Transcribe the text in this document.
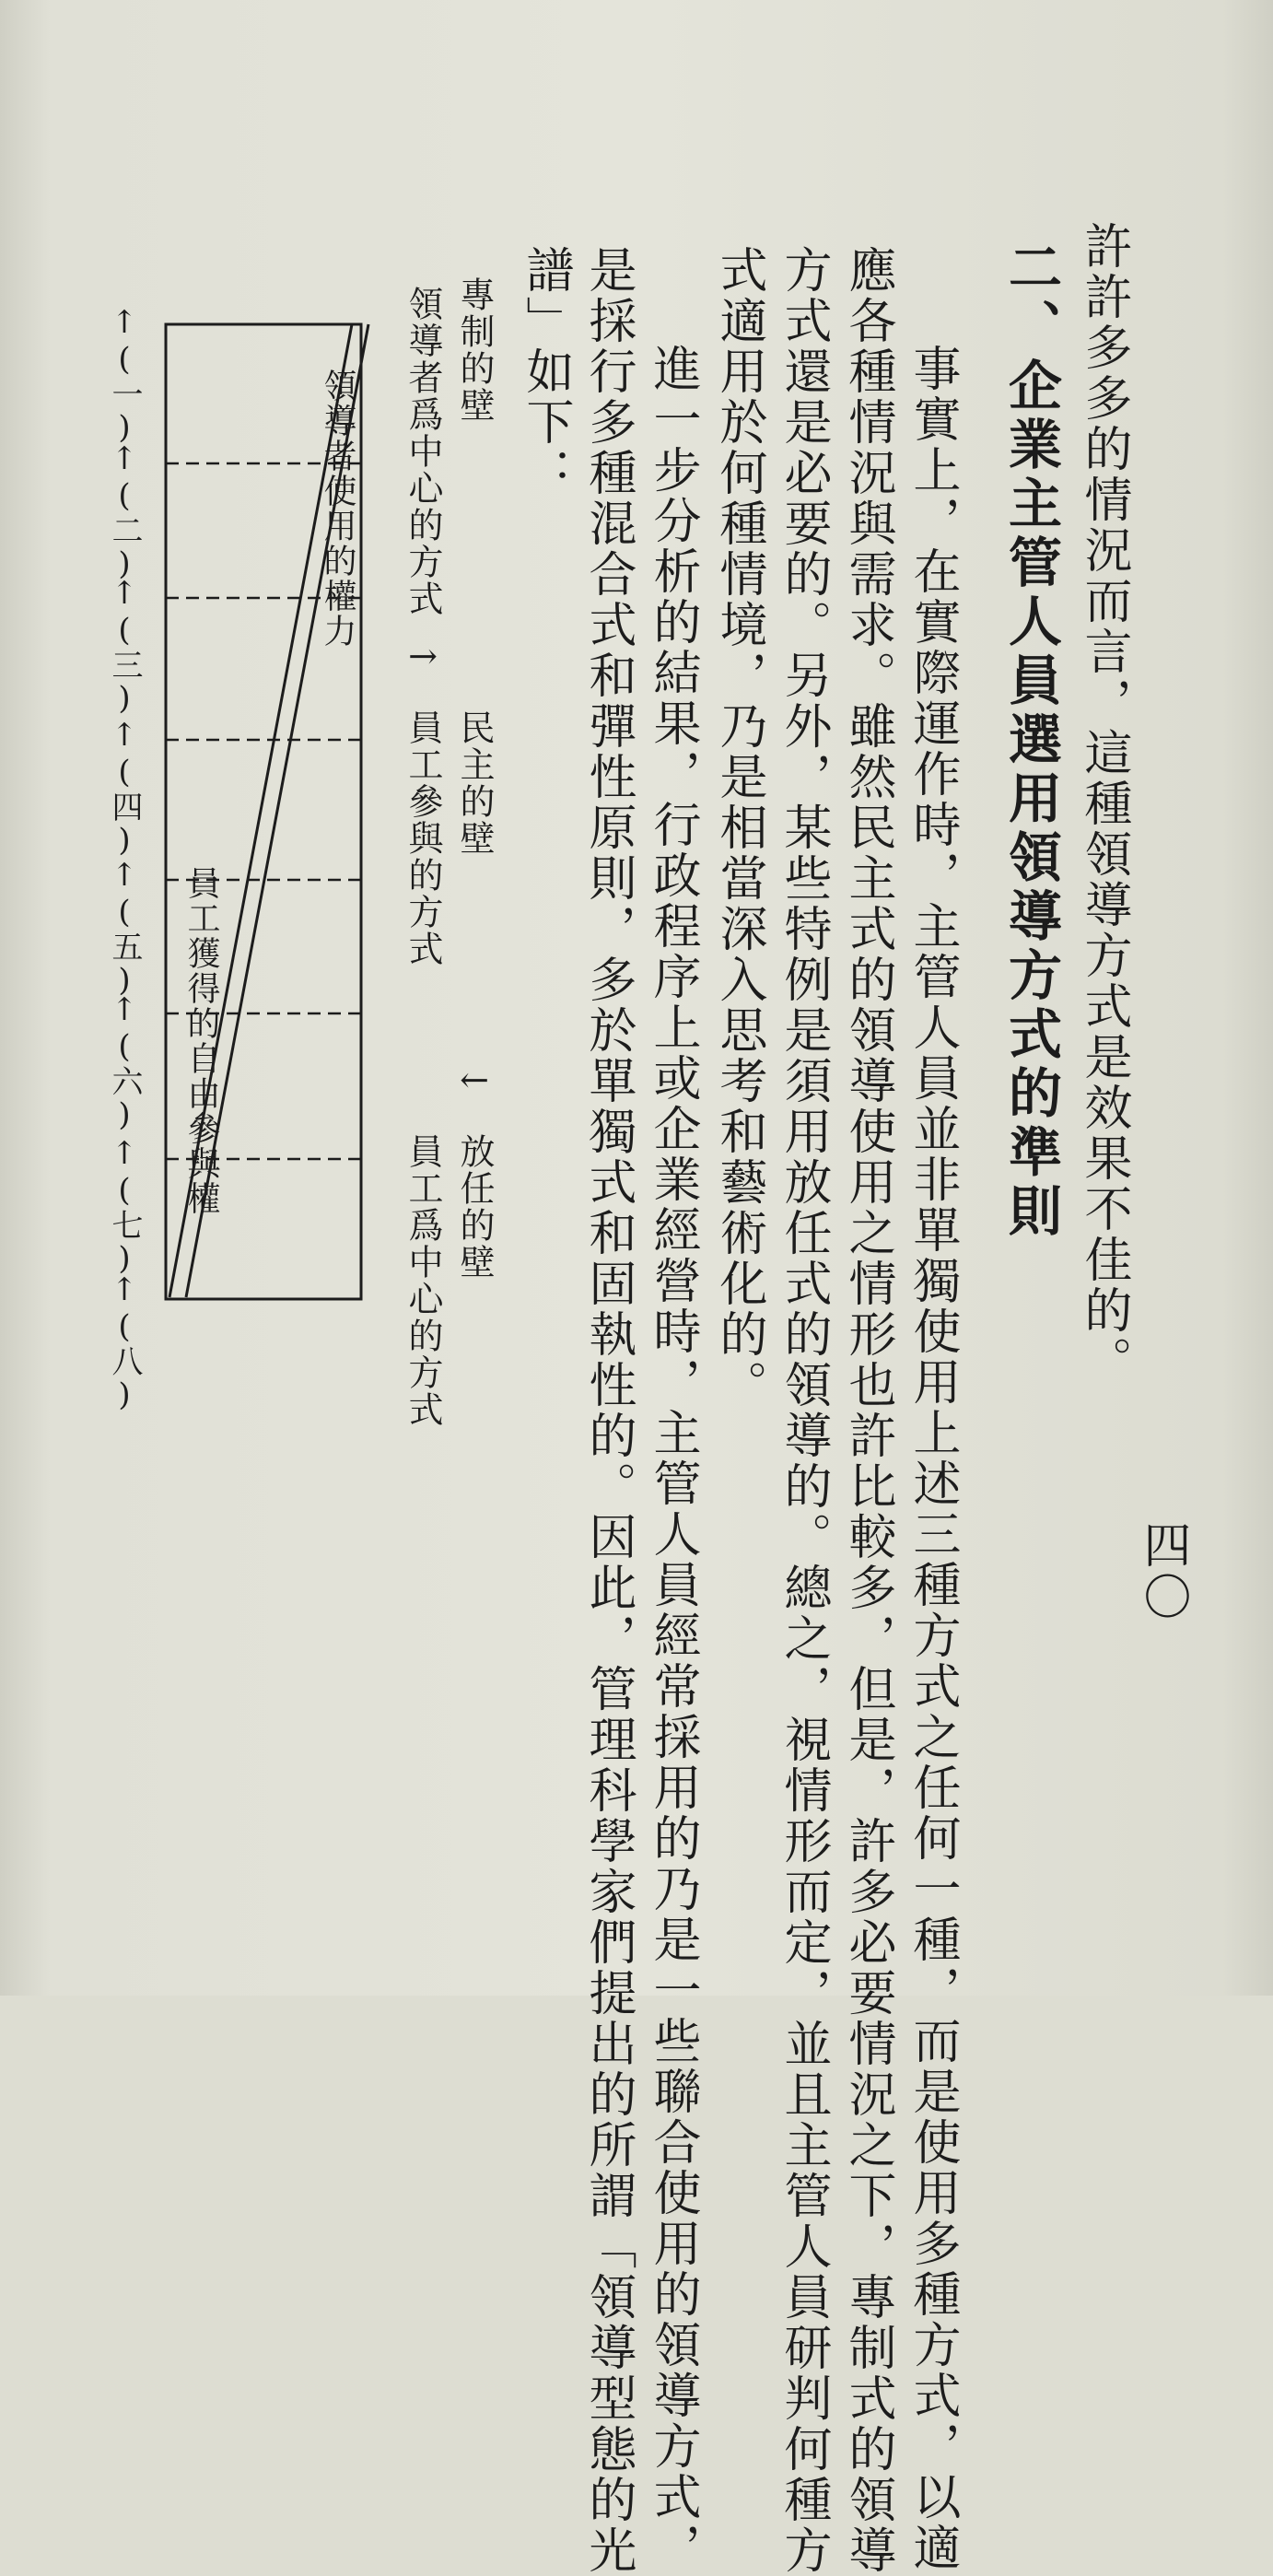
四〇
許許多多的情況而言，這種領導方式是效果不佳的。
二、企業主管人員選用領導方式的準則
　事實上，在實際運作時，主管人員並非單獨使用上述三種方式之任何一種，而是使用多種方式，以適
應各種情況與需求。雖然民主式的領導使用之情形也許比較多，但是，許多必要情況之下，專制式的領導
方式還是必要的。另外，某些特例是須用放任式的領導的。總之，視情形而定，並且主管人員研判何種方
式適用於何種情境，乃是相當深入思考和藝術化的。
　進一步分析的結果，行政程序上或企業經營時，主管人員經常採用的乃是一些聯合使用的領導方式，
是採行多種混合式和彈性原則，多於單獨式和固執性的。因此，管理科學家們提出的所謂「領導型態的光
譜」如下：
專制的壁
領導者爲中心的方式
→
民主的壁
員工參與的方式
←
放任的壁
員工爲中心的方式
領導者使用的權力
員工獲得的自由參與權
↑(一)
↑(二)
↑(三)
↑(四)
↑(五)
↑(六)
↑(七)
↑(八)
